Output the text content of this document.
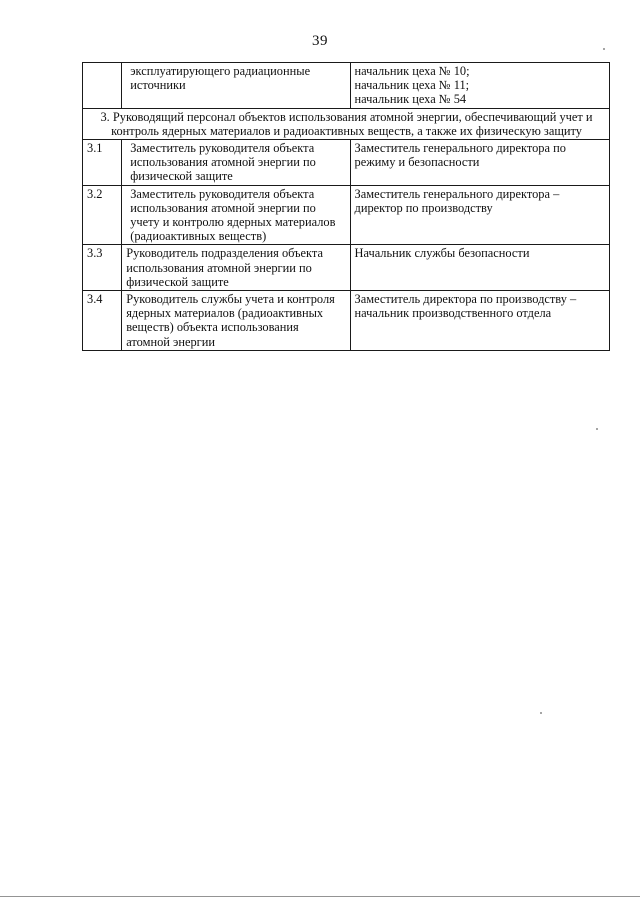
39

	эксплуатирующего радиационные
источники	начальник цеха № 10;
начальник цеха № 11;
начальник цеха № 54

3. Руководящий персонал объектов использования атомной энергии, обеспечивающий учет и
контроль ядерных материалов и радиоактивных веществ, а также их физическую защиту		

3.1	Заместитель руководителя объекта
использования атомной энергии по
физической защите	Заместитель генерального директора по
режиму и безопасности

3.2	Заместитель руководителя объекта
использования атомной энергии по
учету и контролю ядерных материалов
(радиоактивных веществ)	Заместитель генерального директора –
директор по производству

3.3	Руководитель подразделения объекта
использования атомной энергии по
физической защите	Начальник службы безопасности

3.4	Руководитель службы учета и контроля
ядерных материалов (радиоактивных
веществ) объекта использования
атомной энергии	Заместитель директора по производству –
начальник производственного отдела
